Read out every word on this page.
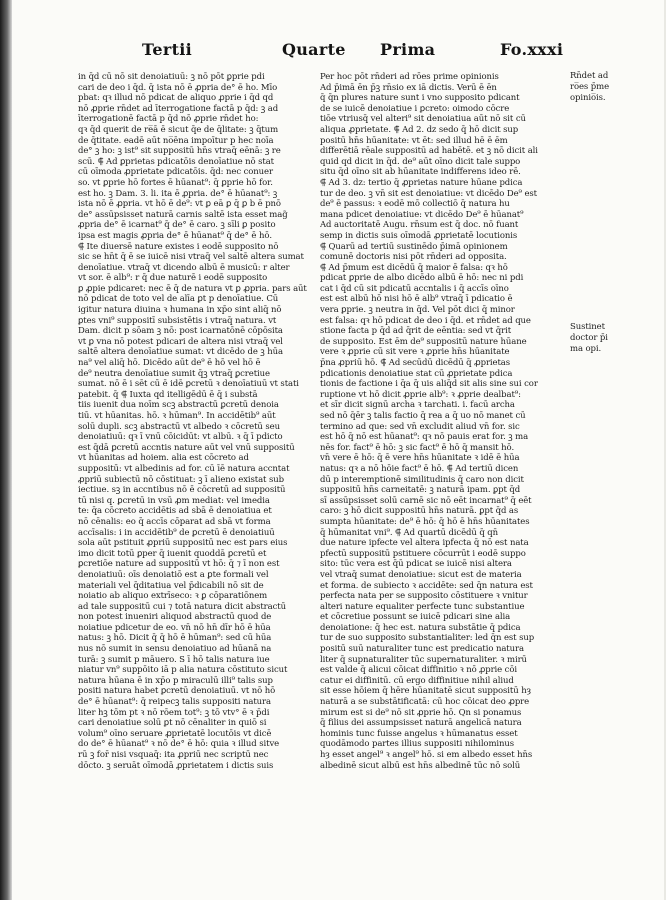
Tertii	Quarte Prima	Fo.xxxi
in q̄d cū nō sit denoiatiuū: ꝫ nō pōt ꝑprie pdi
cari de deo i q̄d. q̄ ista nō ē ꝓpria de° ē ho. Mīo
pbat: qꝛ illud nō pdicat de aliquo ꝓprie i q̄d qd
nō ꝓprie rn̄det ad īterrogatione factā p q̄d: ꝫ ad
īterrogationē factā p q̄d nō ꝓprie rn̄det ho:
qꝛ q̄d querit de re̅ā ē sicut q̄e de q̄litate: ꝫ q̄tum
de q̄titate. eadē aūt no̅ēna impoītur p hec noīa
de° ꝫ ho: ꝫ ist⁹ sit suppositū hn̄s vtraq̄ eēnā: ꝫ re
scū. ⸿ Ad ꝑprietas pdicatōis denoīatiue nō stat
cū oīmoda ꝓprietate pdicatōis. q̄d: nec conuer
so. vt ꝑprie hō fortes ē hūanat⁹: q̄ ꝑprie hō for.
est ho. ꝫ Dam. 3. li. ita ē ꝓpria. de° ē hūanat⁹: ꝫ
ista nō ē ꝓpria. vt hō ē de⁹: vt ꝑ eā ꝑ q̄ ꝑ b̄ ē pnō
de° assūpsisset naturā carnis saltē ista esset mag̃
ꝓpria de° ē icarnat⁹ q̄ de° ē caro. ꝫ sīli ꝑ posito
ipsa est magis ꝓpria de° ē hūanat⁹ q̄ de° ē hō.
⸿ Ite diuersē nature existes i eodē supposito nō
sic se hn̄t q̄ ē se iuicē nisi vtraq̄ vel saltē altera sumat
denoīatiue. vtraq̄ vt dicendo albū ē musicū: r alter
vt sor. ē alb⁹: r q̄ due naturē i eodē supposito
ꝑ ꝓpie pdicaret: nec ē q̄ de natura vt ꝑ ꝓpria. pars aūt
nō pdicat de toto vel de alīa ꝑt p denoīatiue. Cū
igitur natura diuina ꝛ humana in xp̄o sint aliq̄ nō
ꝑtes vni⁹ suppositī subsistētis i vtraq̄ natura. vt
Dam. dicit p sōam ꝫ nō: post icarnatōnē cōpōsita
vt ꝑ vna nō potest pdicari de altera nisi vtraq̄ vel
saltē altera denoīatiue sumat: vt dicēdo de ꝫ hūa
na⁹ vel aliq̄ hō. Dicēdo aūt de⁹ ē hō vel hō ē
de⁹ neutra denoīatiue sumit q̄ꝫ vtraq̄ ꝑcretiue
sumat. nō ē i sēt cū ē idē ꝑcretū ꝛ denoīatiuū vt stati
patebit. q̄ ⸿ Iuxta qd̄ itelligēdū ē q̄ i substā
tiis iuenit d̄ua noīm scꝫ abstractū ꝑcretū denoia
tiū. vt hūanitas. hō. ꝛ hūman⁹. In accidētib⁹ aūt
solū dupli. scꝫ abstractū vt albedo ꝛ cōcretū seu
denoiatiuū: qꝛ ī vnū cōicidūt: vt albū. ꝛ q̄ ī pdicto
est q̄dā ꝑcretū accntis nature aūt vel vnū suppositū
vt hūanitas ad hoiem. alia est cōcreto ad
suppositū: vt albedinis ad for. cū īē natura accntat
ꝓpriū subiectū nō cōstituat: ꝫ ī alieno existat sub
iectiue. sꝫ in accntibus nō ē cōcretū ad suppositū
tū nisi q. ꝑcretū in vsū ꝓm mediat: vel imedia
te: q̄a cōcreto accidētis ad sbā ē denoiatiua et
nō cēnalis: eo q̄ accīs cōparat ad sbā vt forma
accīsalis: i in accidētib⁹ de ꝑcretū ē denoiatiuū
sola aūt pstituit ꝓpriū suppositū nec est pars eius
imo dicit totū ꝑper q̄ iuenit quoddā ꝑcretū et
ꝑcretiōe nature ad suppositū vt hō: q̄ ⁊ ī non est
denoiatiuū: oīs denoiatiō est a ꝑte formali vel
materiali vel q̄ditatiua vel p̄dicabili nō sit de
noiatio ab aliquo extrīseco: ꝛ ꝑ cōparatiōnem
ad tale suppositū cui ⁊ totā natura dicit abstractū
non potest inueniri aliquod abstractū quod de
noiatiue pdicetur de eo. vn̄ nō hn̄ dīr hō ē hūa
natus: ꝫ hō. Dicit q̄ q̄ hō ē hūman⁹: sed cū hūa
nus nō sumit in sensu denoiatiuo ad hūanā na
turā: ꝫ sumit p māuero. S̄ ī hō talis natura iue
niatur vn⁹ suppōito iā p alia natura cōstituto sicut
natura hūana ē in xp̄o p miraculū illi⁹ talis sup
positi natura habet ꝑcretū denoiatiuū. vt nō hō
de° ē hūanat⁹: q̄ reipecꝫ talis suppositi natura
liter hꝫ tōm pt̄ ꝛ nō rōem tot⁹: ꝫ tō vtv° ē ꝛ p̄di
cari denoiatiue solū ꝑt nō cēnaliter in quiō si
volum⁹ oīno seruare ꝓprietatē locutōis vt dicē
do de° ē hūanat⁹ ꝛ nō de° ē hō: quia ꝛ illud sitve
rū ꝫ for̄ nisi vsquaq̄: ita ꝓpriū nec scriptū nec
dōcto. ꝫ seruāt oīmodā ꝓprietatem i dictis suis
Per hoc pōt rn̄deri ad rōes prime opinionis
Ad p̄imā ēn p̄ꝫ rn̄sio ex iā dictis. Verū ē ēn
q̄ q̄n plures nature sunt i vno supposito pdicant
de se iuicē denoiatiue i ꝑcreto: oimodo cōcre
tiōe vtriusq̄ vel alteri⁹ sit denoiatiua aūt nō sit cū
aliqua ꝓprietate. ⸿ Ad 2. d̄z sedo q̄ hō dicit sup
positū hn̄s hūanitate: vt ēt: sed illud hē ē ēm
differētiā rēale suppositū ad habētē. et ꝫ nō dicit ali
quid qd̄ dicit in q̄d. de⁹ aūt oīno dicit tale suppo
situ q̄d oīno sit ab hūanitate indifferens ideo rē.
⸿ Ad 3. d̄z: tertio q̄ ꝓprietas nature hūane pdica
tur de deo. ꝫ vn̄ sit est denoiatiue: vt dicēdo De⁹ est
de⁹ ē passus: ꝛ eodē mō collectiō q̄ natura hu
mana pdicet denoiatiue: vt dicēdo De⁹ ē hūanat⁹
Ad auctoritatē Augu. rn̄sum est q̄ doc. nō fuant
semp in dictis suis oīmodā ꝓprietatē locutionis
⸿ Quarū ad tertiū sustinēdo p̄imā opinionem
comunē doctoris nisi pōt rn̄deri ad opposita.
⸿ Ad p̄mum est dicēdū q̄ maior ē falsa: qꝛ hō
pdicat ꝑprie de albo dicēdo albū ē hō: nec ni pdi
cat i q̄d cū sit pdicatū accntalis i q̄ accīs oīno
est est albū hō nisi hō ē alb⁹ vtraq̄ ī pdicatio ē
vera ꝑprie. ꝫ neutra in q̄d. Vel pōt dici q̄ minor
est falsa: qꝛ hō pdicat de deo i q̄d. et rn̄det ad que
stione facta p q̄d ad q̄rit de eēntia: sed vt q̄rit
de supposito. Est ēm de⁹ suppositū nature hūane
vere ꝛ ꝓprie cū sit vere ꝛ ꝓprie hn̄s hūanitate
p̄na ꝓpriū hō. ⸿ Ad secūdū dicēdū q̄ ꝓprietas
pdicationis denoiatiue stat cū ꝓprietate pdica
tionis de factione i q̄a q̄ uis aliq̄d sit alis sine sui cor
ruptione vt hō dicit ꝓprie alb⁹: ꝛ ꝓprie dealbat⁹:
et sīr dicit signū archa ꝛ tarchati. i. facū archa
sed nō q̄ēr ꝫ talis factio q̄ rea a q̄ uo nō manet cū
termino ad que: sed vn̄ excludit aliud vn̄ for. sic
est hō q̄ nō est hūanat⁹: qꝛ nō pauis erat for. ꝫ ma
nēs for. fact⁹ ē hō: ꝫ sic fact⁹ ē hō q̄ mansit hō.
vn̄ vere ē hō: q̄ ē vere hn̄s hūanitate ꝛ idē ē hūa
natus: qꝛ a nō hōie fact⁹ ē hō. ⸿ Ad tertiū dicen
dū p interemptionē similitudinis q̄ caro non dicit
suppositū hn̄s carneitatē: ꝫ naturā ipam. ꝑpt q̄d
sī assūpsisset solū carnē sic nō eēt incarnat⁹ q̄ eēt
caro: ꝫ hō dicit suppositū hn̄s naturā. ꝑpt q̄d as
sumpta hūanitate: de⁹ ē hō: q̄ hō ē hn̄s hūanitates
q̄ hūmanitat vni⁹. ⸿ Ad quartū dicēdū q̄ qn̄
due nature ipfecte vel altera ipfecta q̄ nō est nata
pfectū suppositū pstituere cōcurrūt i eodē suppo
sito: tūc vera est q̄ū pdicat se iuicē nisi altera
vel vtraq̄ sumat denoiatiue: sicut est de materia
et forma. de subiecto ꝛ accidēte: sed q̄n natura est
perfecta nata per se supposito cōstituere ꝛ vnitur
alteri nature equaliter perfecte tunc substantiue
et cōcretiue possunt se iuicē pdicari sine alia
denoiatione: q̄ hec est. natura substātie q̄ pdica
tur de suo supposito substantialiter: led q̄n est sup
positū suū naturaliter tunc est predicatio natura
liter q̄ supnaturaliter tūc supernaturaliter. ꝛ mirū
est valde q̄ alicui cōicat diffinitio ꝛ nō ꝓprie cōi
catur ei diffinitū. cū ergo diffinitiue nihil aliud
sit esse hōiem q̄ hēre hūanitatē sicut suppositū hȝ
naturā a se substātificatā: cū hoc cōicat deo ꝓpre
mirum est si de⁹ nō sit ꝓprie hō. Qn si ponamus
q̄ filius dei assumpsisset naturā angelicā natura
hominis tunc fuisse angelus ꝛ hūmanatus esset
quodāmodo partes illius suppositi nihilominus
hȝ esset angel⁹ ꝛ angel⁹ hō. si em albedo esset hn̄s
albedinē sicut albū est hn̄s albedinē tūc nō solū
Rn̄det ad
ro̅es p̄me
opinio̅is.
Sustinet
doctor p̄i
ma opi.
